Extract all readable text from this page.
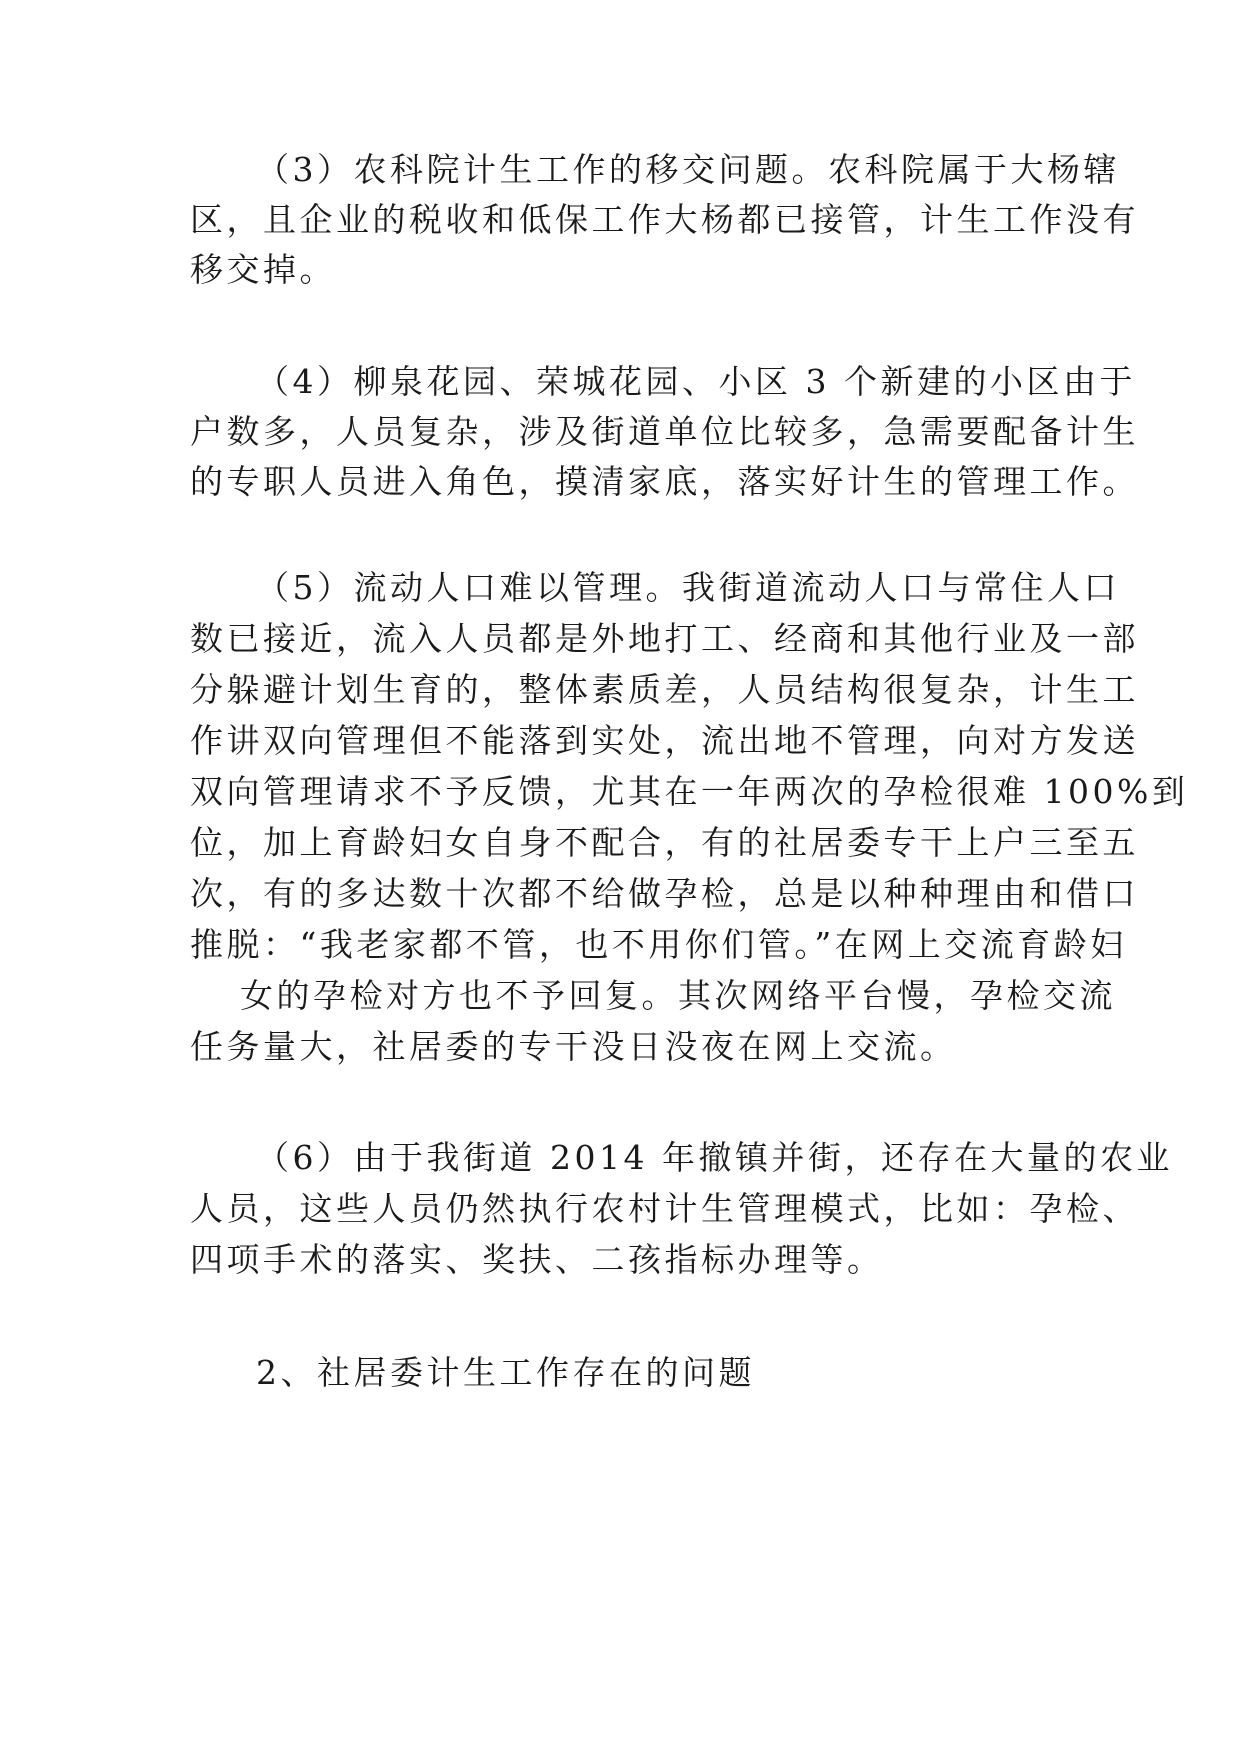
（3）农科院计生工作的移交问题。农科院属于大杨辖
区，且企业的税收和低保工作大杨都已接管，计生工作没有
移交掉。
（4）柳泉花园、荣城花园、小区 3 个新建的小区由于
户数多，人员复杂，涉及街道单位比较多，急需要配备计生
的专职人员进入角色，摸清家底，落实好计生的管理工作。
（5）流动人口难以管理。我街道流动人口与常住人口
数已接近，流入人员都是外地打工、经商和其他行业及一部
分躲避计划生育的，整体素质差，人员结构很复杂，计生工
作讲双向管理但不能落到实处，流出地不管理，向对方发送
双向管理请求不予反馈，尤其在一年两次的孕检很难 100%到
位，加上育龄妇女自身不配合，有的社居委专干上户三至五
次，有的多达数十次都不给做孕检，总是以种种理由和借口
推脱：“我老家都不管，也不用你们管。”在网上交流育龄妇
女的孕检对方也不予回复。其次网络平台慢，孕检交流
任务量大，社居委的专干没日没夜在网上交流。
（6）由于我街道 2014 年撤镇并街，还存在大量的农业
人员，这些人员仍然执行农村计生管理模式，比如：孕检、
四项手术的落实、奖扶、二孩指标办理等。
2、社居委计生工作存在的问题
